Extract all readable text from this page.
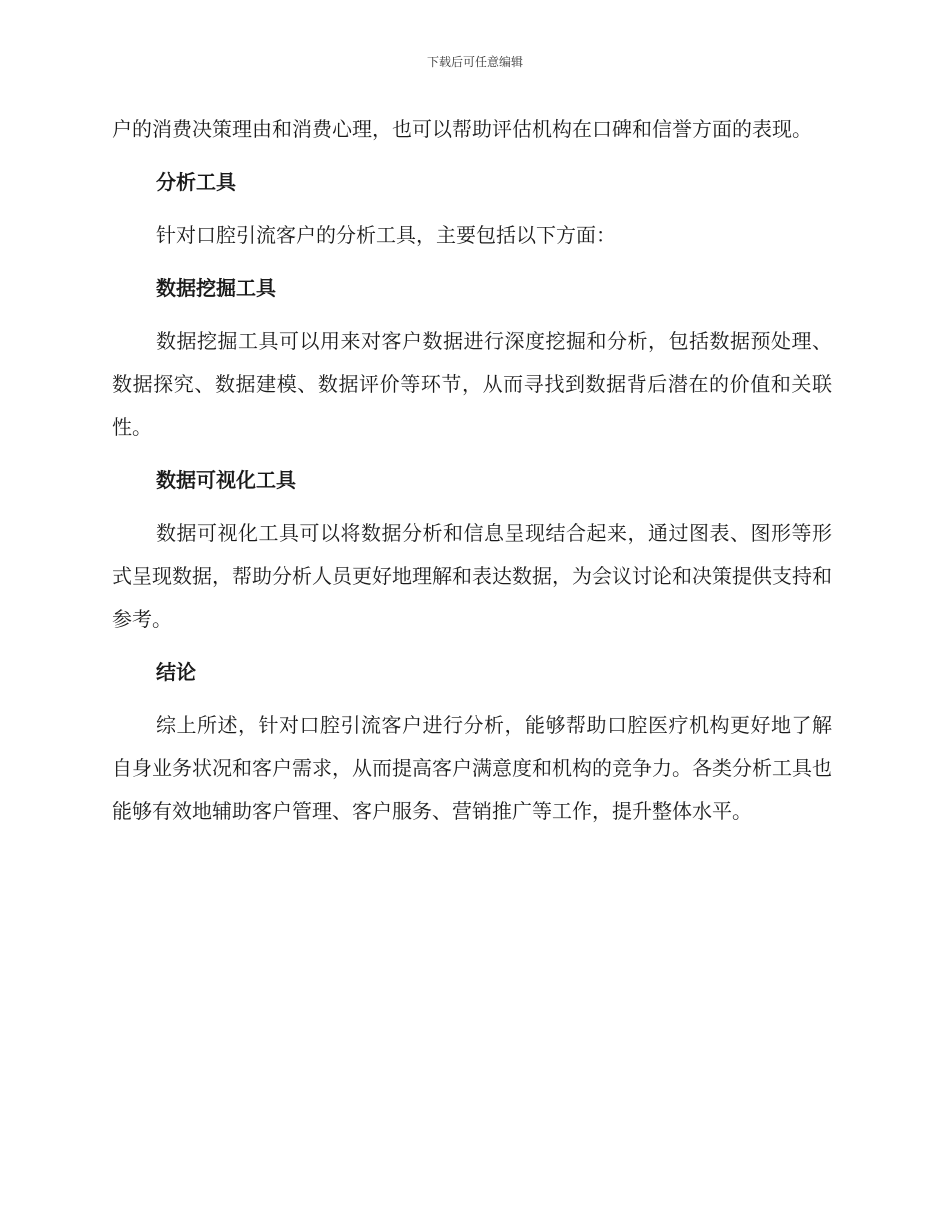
下载后可任意编辑

户的消费决策理由和消费心理，也可以帮助评估机构在口碑和信誉方面的表现。

分析工具

针对口腔引流客户的分析工具，主要包括以下方面：

数据挖掘工具

数据挖掘工具可以用来对客户数据进行深度挖掘和分析，包括数据预处理、数据探究、数据建模、数据评价等环节，从而寻找到数据背后潜在的价值和关联性。

数据可视化工具

数据可视化工具可以将数据分析和信息呈现结合起来，通过图表、图形等形式呈现数据，帮助分析人员更好地理解和表达数据，为会议讨论和决策提供支持和参考。

结论

综上所述，针对口腔引流客户进行分析，能够帮助口腔医疗机构更好地了解自身业务状况和客户需求，从而提高客户满意度和机构的竞争力。各类分析工具也能够有效地辅助客户管理、客户服务、营销推广等工作，提升整体水平。
